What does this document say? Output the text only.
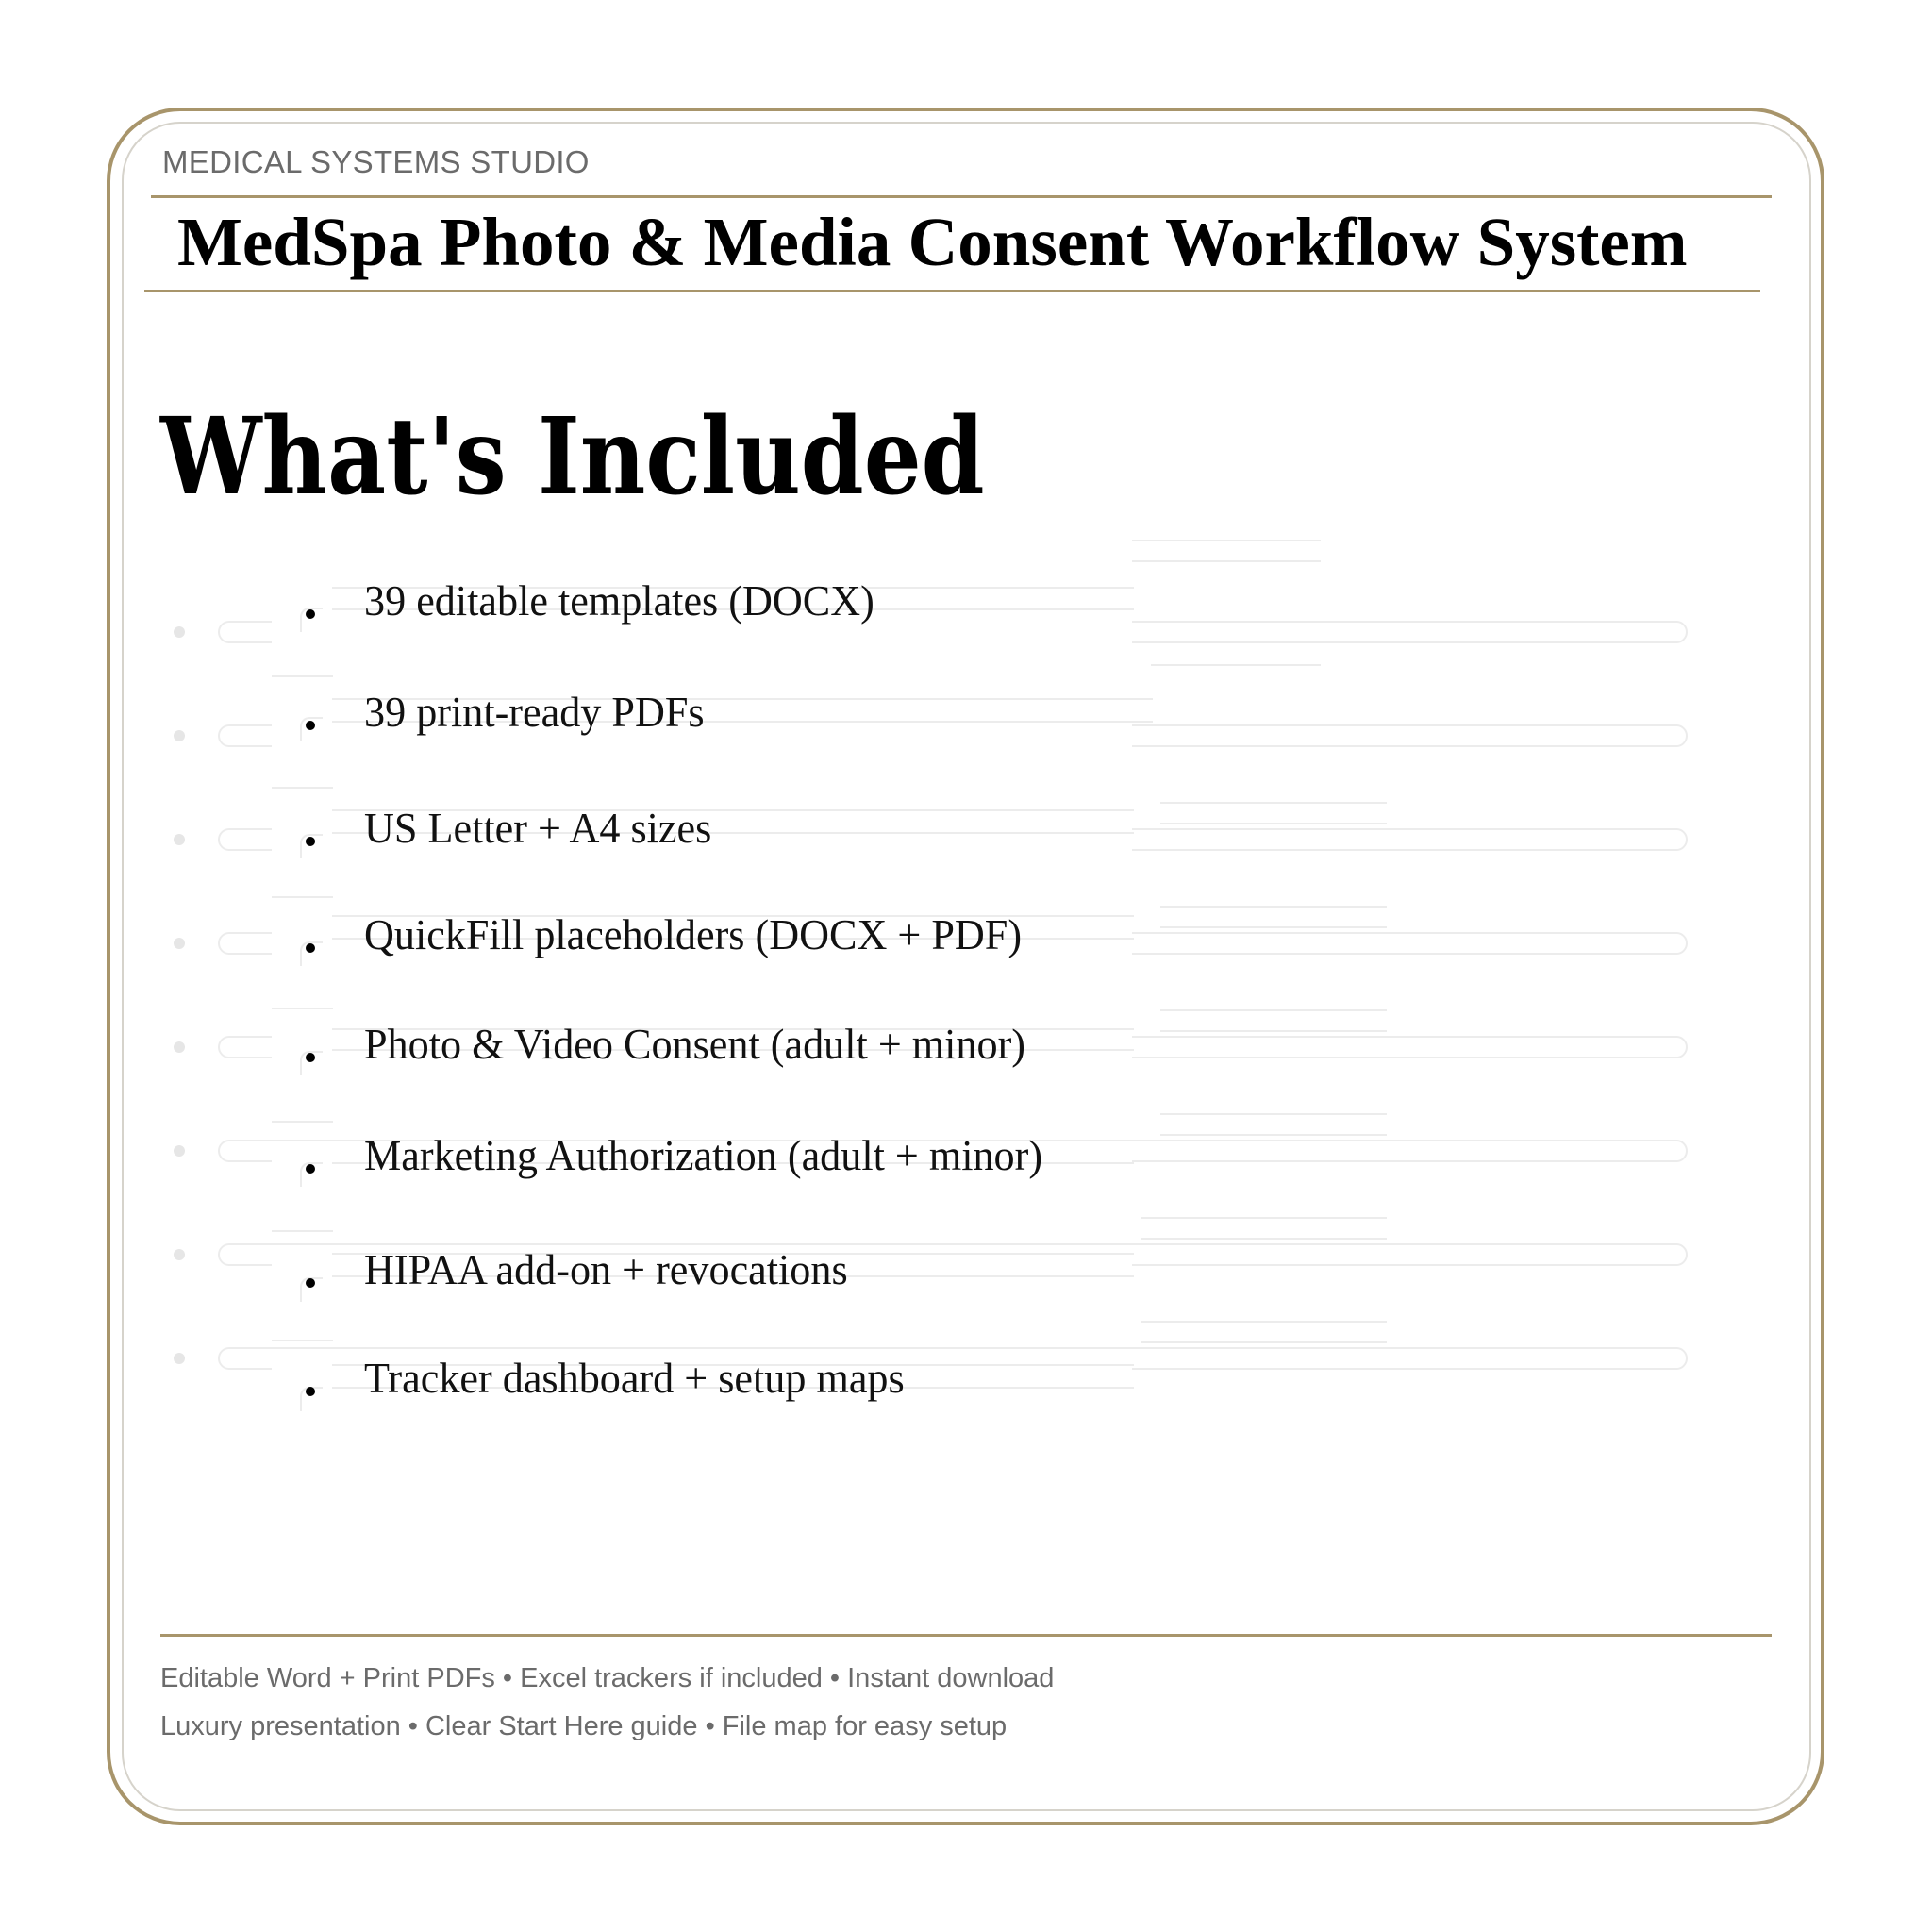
MEDICAL SYSTEMS STUDIO
MedSpa Photo & Media Consent Workflow System
What's Included
39 editable templates (DOCX)
39 print-ready PDFs
US Letter + A4 sizes
QuickFill placeholders (DOCX + PDF)
Photo & Video Consent (adult + minor)
Marketing Authorization (adult + minor)
HIPAA add-on + revocations
Tracker dashboard + setup maps
Editable Word + Print PDFs • Excel trackers if included • Instant download
Luxury presentation • Clear Start Here guide • File map for easy setup
